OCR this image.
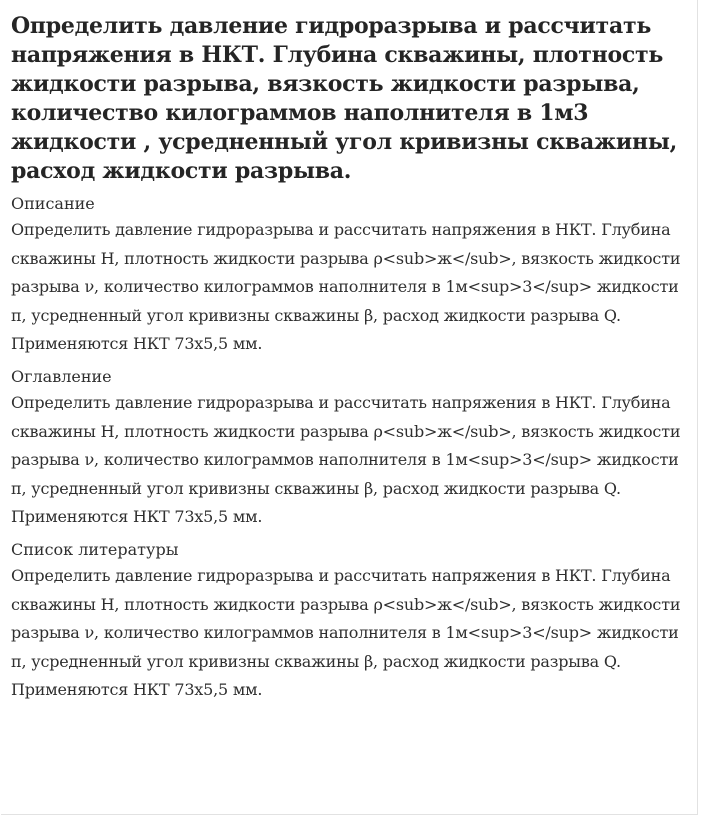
Определить давление гидроразрыва и рассчитать напряжения в НКТ. Глубина скважины, плотность жидкости разрыва, вязкость жидкости разрыва, количество килограммов наполнителя в 1м3 жидкости , усредненный угол кривизны скважины, расход жидкости разрыва.
Описание

Определить давление гидроразрыва и рассчитать напряжения в НКТ. Глубина скважины H, плотность жидкости разрыва ρ<sub>ж</sub>, вязкость жидкости разрыва ν, количество килограммов наполнителя в 1м<sup>3</sup> жидкости п, усредненный угол кривизны скважины β, расход жидкости разрыва Q. Применяются НКТ 73х5,5 мм.

Оглавление

Определить давление гидроразрыва и рассчитать напряжения в НКТ. Глубина скважины H, плотность жидкости разрыва ρ<sub>ж</sub>, вязкость жидкости разрыва ν, количество килограммов наполнителя в 1м<sup>3</sup> жидкости п, усредненный угол кривизны скважины β, расход жидкости разрыва Q. Применяются НКТ 73х5,5 мм.

Список литературы

Определить давление гидроразрыва и рассчитать напряжения в НКТ. Глубина скважины H, плотность жидкости разрыва ρ<sub>ж</sub>, вязкость жидкости разрыва ν, количество килограммов наполнителя в 1м<sup>3</sup> жидкости п, усредненный угол кривизны скважины β, расход жидкости разрыва Q. Применяются НКТ 73х5,5 мм.
